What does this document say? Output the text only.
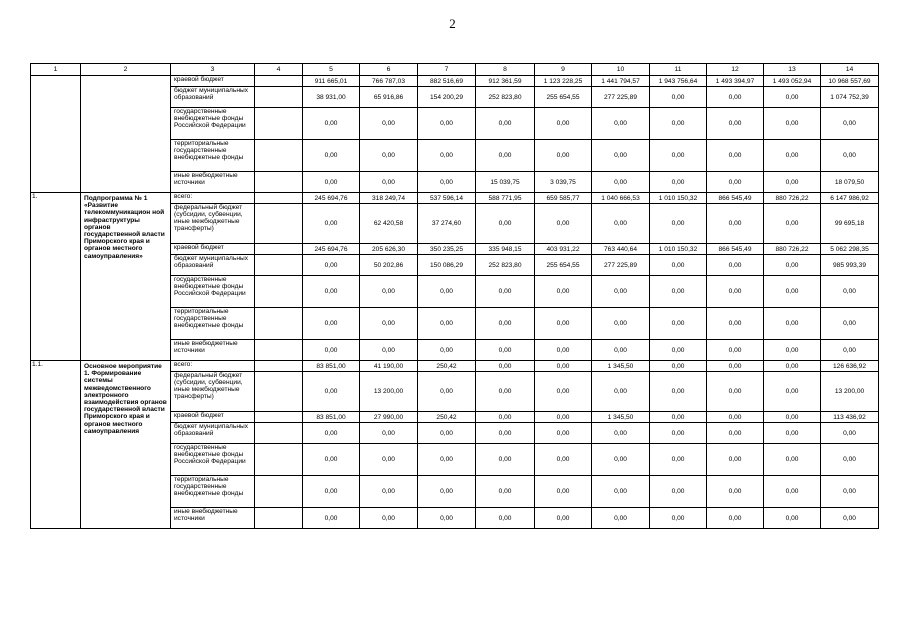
2
1	2	3	4	5	6	7	8	9	10	11	12	13	14
		краевой бюджет		911 665,01	766 787,03	882 516,69	912 361,59	1 123 228,25	1 441 794,57	1 943 756,64	1 493 394,97	1 493 052,94	10 968 557,69
		бюджет муниципальных образований		38 931,00	65 916,86	154 200,29	252 823,80	255 654,55	277 225,89	0,00	0,00	0,00	1 074 752,39
		государственные внебюджетные фонды Российской Федерации		0,00	0,00	0,00	0,00	0,00	0,00	0,00	0,00	0,00	0,00
		территориальные государственные внебюджетные фонды		0,00	0,00	0,00	0,00	0,00	0,00	0,00	0,00	0,00	0,00
		иные внебюджетные источники		0,00	0,00	0,00	15 039,75	3 039,75	0,00	0,00	0,00	0,00	18 079,50
1.	Подпрограмма № 1 «Развитие телекоммуникацион ной инфраструктуры органов государственной власти Приморского края и органов местного самоуправления»	всего:		245 694,76	318 249,74	537 596,14	588 771,95	659 585,77	1 040 666,53	1 010 150,32	866 545,49	880 726,22	6 147 986,92
		федеральный бюджет (субсидии, субвенции, иные межбюджетные трансферты)		0,00	62 420,58	37 274,60	0,00	0,00	0,00	0,00	0,00	0,00	99 695,18
		краевой бюджет		245 694,76	205 626,30	350 235,25	335 948,15	403 931,22	763 440,64	1 010 150,32	866 545,49	880 726,22	5 062 298,35
		бюджет муниципальных образований		0,00	50 202,86	150 086,29	252 823,80	255 654,55	277 225,89	0,00	0,00	0,00	985 993,39
		государственные внебюджетные фонды Российской Федерации		0,00	0,00	0,00	0,00	0,00	0,00	0,00	0,00	0,00	0,00
		территориальные государственные внебюджетные фонды		0,00	0,00	0,00	0,00	0,00	0,00	0,00	0,00	0,00	0,00
		иные внебюджетные источники		0,00	0,00	0,00	0,00	0,00	0,00	0,00	0,00	0,00	0,00
1.1.	Основное мероприятие 1. Формирование системы межведомственного электронного взаимодействия органов государственной власти Приморского края и органов местного самоуправления	всего:		83 851,00	41 190,00	250,42	0,00	0,00	1 345,50	0,00	0,00	0,00	126 636,92
		федеральный бюджет (субсидии, субвенции, иные межбюджетные трансферты)		0,00	13 200,00	0,00	0,00	0,00	0,00	0,00	0,00	0,00	13 200,00
		краевой бюджет		83 851,00	27 990,00	250,42	0,00	0,00	1 345,50	0,00	0,00	0,00	113 436,92
		бюджет муниципальных образований		0,00	0,00	0,00	0,00	0,00	0,00	0,00	0,00	0,00	0,00
		государственные внебюджетные фонды Российской Федерации		0,00	0,00	0,00	0,00	0,00	0,00	0,00	0,00	0,00	0,00
		территориальные государственные внебюджетные фонды		0,00	0,00	0,00	0,00	0,00	0,00	0,00	0,00	0,00	0,00
		иные внебюджетные источники		0,00	0,00	0,00	0,00	0,00	0,00	0,00	0,00	0,00	0,00
